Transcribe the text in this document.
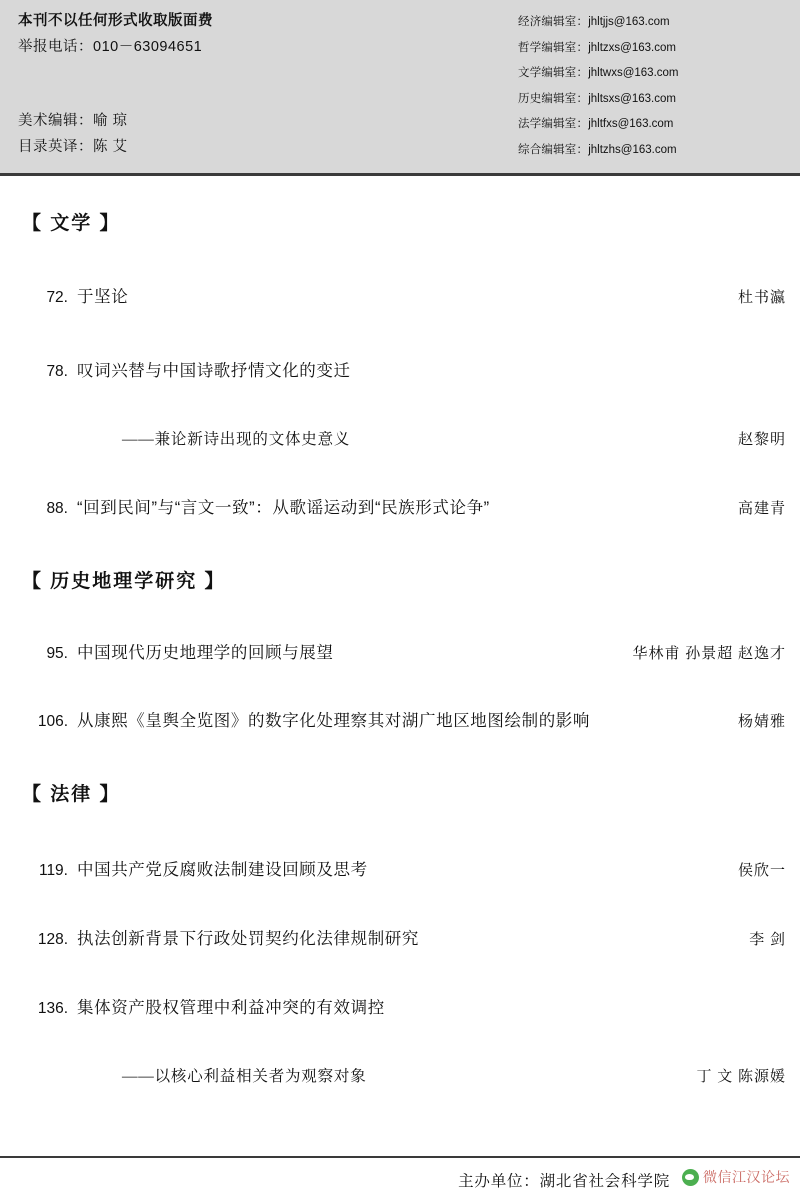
本刊不以任何形式收取版面费
举报电话：010－63094651
美术编辑：喻 琼
目录英译：陈 艾
经济编辑室：jhltjjs@163.com
哲学编辑室：jhltzxs@163.com
文学编辑室：jhltwxs@163.com
历史编辑室：jhltsxs@163.com
法学编辑室：jhltfxs@163.com
综合编辑室：jhltzhs@163.com
【 文学 】
72. 于坚论	杜书瀛
78. 叹词兴替与中国诗歌抒情文化的变迁
——兼论新诗出现的文体史意义	赵黎明
88. “回到民间”与“言文一致”：从歌谣运动到“民族形式论争”	高建青
【 历史地理学研究 】
95. 中国现代历史地理学的回顾与展望	华林甫 孙景超 赵逸才
106. 从康熙《皇舆全览图》的数字化处理察其对湖广地区地图绘制的影响	杨婧雅
【 法律 】
119. 中国共产党反腐败法制建设回顾及思考	侯欣一
128. 执法创新背景下行政处罚契约化法律规制研究	李 剑
136. 集体资产股权管理中利益冲突的有效调控
——以核心利益相关者为观察对象	丁 文 陈源媛
主办单位：湖北省社会科学院 微信江汉论坛
